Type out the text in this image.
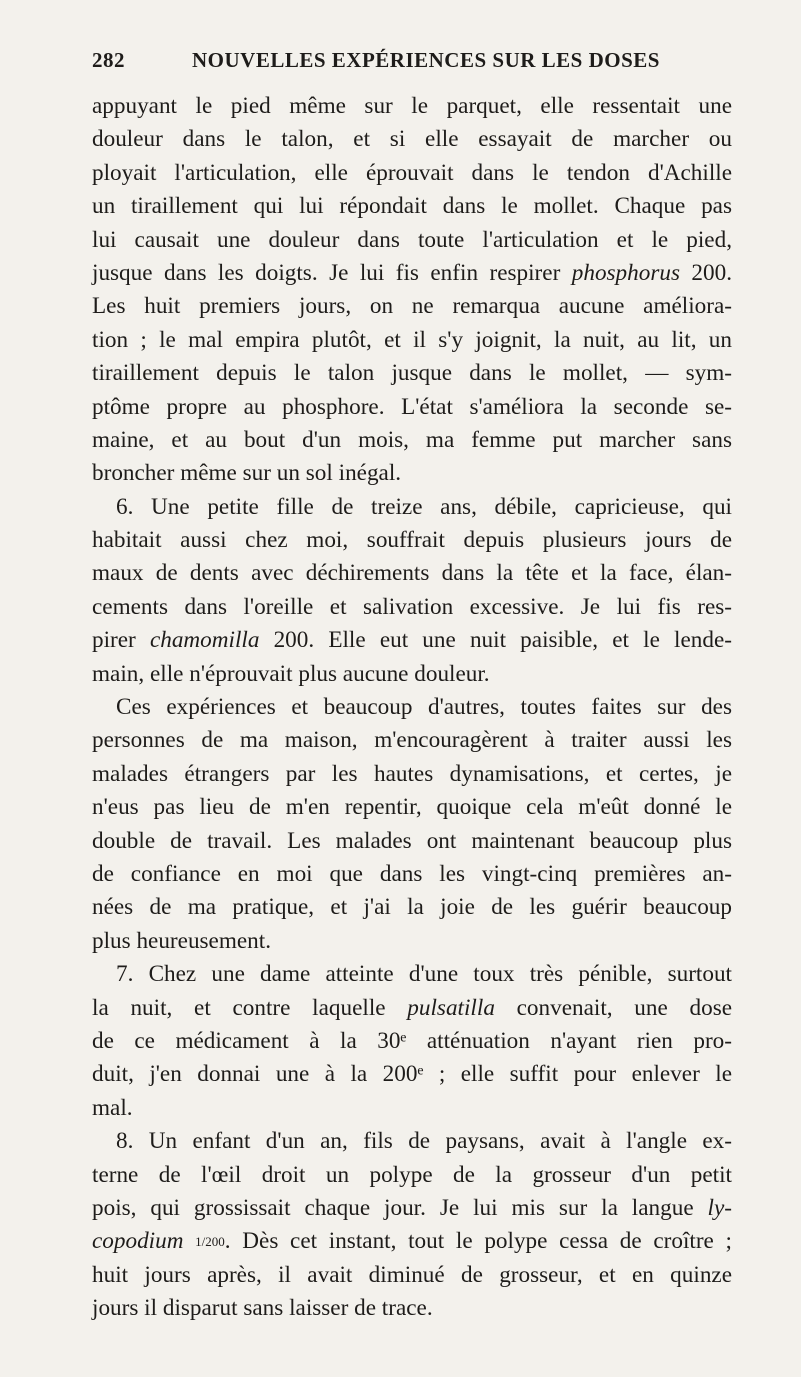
282	NOUVELLES EXPÉRIENCES SUR LES DOSES
appuyant le pied même sur le parquet, elle ressentait une
douleur dans le talon, et si elle essayait de marcher ou
ployait l'articulation, elle éprouvait dans le tendon d'Achille
un tiraillement qui lui répondait dans le mollet. Chaque pas
lui causait une douleur dans toute l'articulation et le pied,
jusque dans les doigts. Je lui fis enfin respirer phosphorus 200.
Les huit premiers jours, on ne remarqua aucune améliora-
tion ; le mal empira plutôt, et il s'y joignit, la nuit, au lit, un
tiraillement depuis le talon jusque dans le mollet, — sym-
ptôme propre au phosphore. L'état s'améliora la seconde se-
maine, et au bout d'un mois, ma femme put marcher sans
broncher même sur un sol inégal.
6. Une petite fille de treize ans, débile, capricieuse, qui
habitait aussi chez moi, souffrait depuis plusieurs jours de
maux de dents avec déchirements dans la tête et la face, élan-
cements dans l'oreille et salivation excessive. Je lui fis res-
pirer chamomilla 200. Elle eut une nuit paisible, et le lende-
main, elle n'éprouvait plus aucune douleur.
Ces expériences et beaucoup d'autres, toutes faites sur des
personnes de ma maison, m'encouragèrent à traiter aussi les
malades étrangers par les hautes dynamisations, et certes, je
n'eus pas lieu de m'en repentir, quoique cela m'eût donné le
double de travail. Les malades ont maintenant beaucoup plus
de confiance en moi que dans les vingt-cinq premières an-
nées de ma pratique, et j'ai la joie de les guérir beaucoup
plus heureusement.
7. Chez une dame atteinte d'une toux très pénible, surtout
la nuit, et contre laquelle pulsatilla convenait, une dose
de ce médicament à la 30ᵉ atténuation n'ayant rien pro-
duit, j'en donnai une à la 200ᵉ ; elle suffit pour enlever le
mal.
8. Un enfant d'un an, fils de paysans, avait à l'angle ex-
terne de l'œil droit un polype de la grosseur d'un petit
pois, qui grossissait chaque jour. Je lui mis sur la langue ly-
copodium 1/200. Dès cet instant, tout le polype cessa de croître ;
huit jours après, il avait diminué de grosseur, et en quinze
jours il disparut sans laisser de trace.
